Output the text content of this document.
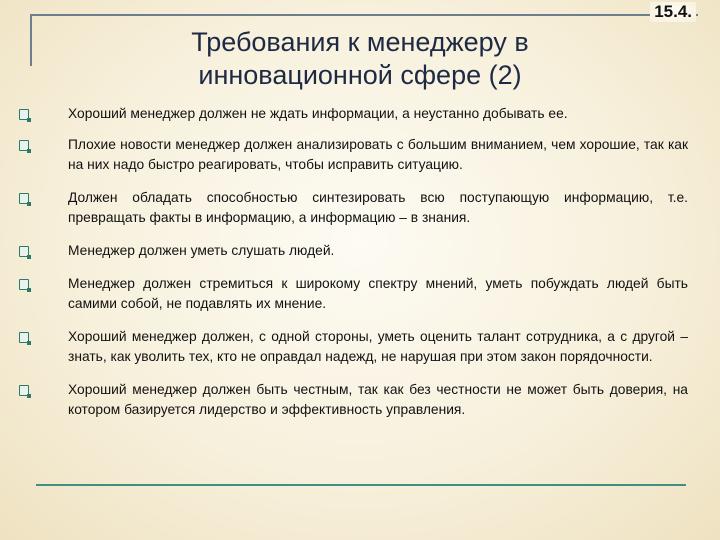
15.4.
Требования к менеджеру в
инновационной сфере (2)
Хороший менеджер должен не ждать информации, а неустанно добывать ее.
Плохие новости менеджер должен анализировать с большим вниманием, чем хорошие, так как на них надо быстро реагировать, чтобы исправить ситуацию.
Должен обладать способностью синтезировать всю поступающую информацию, т.е. превращать факты в информацию, а информацию – в знания.
Менеджер должен уметь слушать людей.
Менеджер должен стремиться к широкому спектру мнений, уметь побуждать людей быть самими собой, не подавлять их мнение.
Хороший менеджер должен, с одной стороны, уметь оценить талант сотрудника, а с другой – знать, как уволить тех, кто не оправдал надежд, не нарушая при этом закон порядочности.
Хороший менеджер должен быть честным, так как без честности не может быть доверия, на котором базируется лидерство и эффективность управления.
